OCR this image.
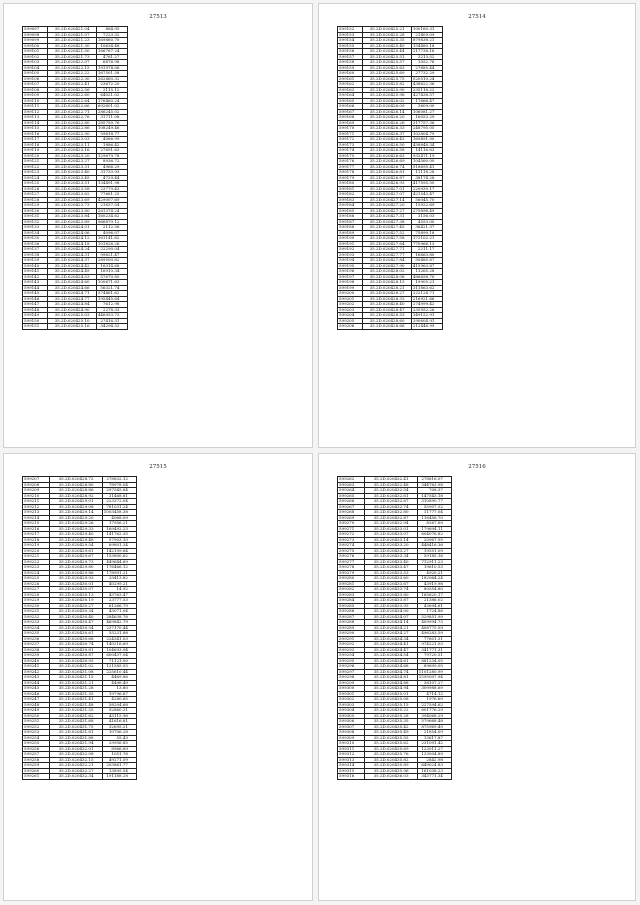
27513
599097	35.2D.020421.04	864.95
599098	35.2D.020421.07	7223.32
599099	35.2D.020421.23	169860.70
599100	35.2D.020421.30	10634.48
599101	35.2D.020421.50	166767.24
599102	35.2D.020421.73	4761.27
599103	35.2D.020422.07	6876.98
599104	35.2D.020422.15	191974.06
599105	35.2D.020422.22	167501.58
599106	35.2D.020422.30	262860.32
599107	35.2D.020422.41	23672.20
599108	35.2D.020422.56	2115.12
599109	35.2D.020422.60	64021.02
599110	35.2D.020422.64	176460.24
599111	35.2D.020422.66	692601.02
599112	35.2D.020422.71	286245.02
599113	35.2D.020422.76	31711.08
599114	35.2D.020422.80	285750.76
599115	35.2D.020422.86	108249.46
599116	35.2D.020422.90	59618.77
599117	35.2D.020423.03	4066.99
599118	35.2D.020423.11	1886.42
599119	35.2D.020423.16	27691.63
599120	35.2D.020423.20	129679.78
599121	35.2D.020423.27	8936.72
599122	35.2D.020423.31	4966.29
599123	35.2D.020423.40	31733.93
599124	35.2D.020423.45	4729.44
599125	35.2D.020423.51	134491.98
599126	35.2D.020423.58	23779.43
599127	35.2D.020423.62	77661.25
599128	35.2D.020423.69	429007.69
599129	35.2D.020423.73	21837.54
599130	35.2D.020423.80	261374.24
599131	35.2D.020423.84	160234.62
599132	35.2D.020423.89	966879.12
599133	35.2D.020424.01	2112.56
599134	35.2D.020424.06	4096.07
599135	35.2D.020424.12	161141.62
599136	35.2D.020424.18	101826.26
599137	35.2D.020424.24	22290.04
599138	35.2D.020424.31	99621.47
599139	35.2D.020424.37	289500.82
599140	35.2D.020424.42	16314.68
599141	35.2D.020424.49	16910.34
599142	35.2D.020424.53	57670.85
599143	35.2D.020424.60	100671.63
599144	35.2D.020424.66	56321.74
599145	35.2D.020424.71	574461.62
599146	35.2D.020424.77	195445.64
599147	35.2D.020424.84	7612.98
599148	35.2D.020424.90	2278.33
599149	35.2D.020425.03	446953.73
599150	35.2D.020425.10	27416.31
599151	35.2D.020425.16	34294.53
27514
599152	35.2D.020425.21	100160.31
599153	35.2D.020425.28	21409.09
599154	35.2D.020425.35	879838.21
599155	35.2D.020425.40	154480.18
599156	35.2D.020425.44	217738.16
599157	35.2D.020425.51	3213.52
599158	35.2D.020425.57	1052.76
599159	35.2D.020425.63	27685.44
599160	35.2D.020425.69	27732.29
599161	35.2D.020425.75	520510.24
599162	35.2D.020425.82	438822.36
599163	35.2D.020425.90	235116.22
599164	35.2D.020425.96	427438.57
599165	35.2D.020426.02	17666.47
599166	35.2D.020426.09	3609.00
599167	35.2D.020426.14	106081.27
599168	35.2D.020426.20	16053.29
599169	35.2D.020426.26	317757.36
599170	35.2D.020426.33	248795.05
599171	35.2D.020426.37	102804.79
599172	35.2D.020426.43	169491.90
599173	35.2D.020426.50	458848.34
599174	35.2D.020426.58	14116.63
599175	35.2D.020426.63	932471.19
599176	35.2D.020426.69	104560.00
599177	35.2D.020426.74	518695.41
599178	35.2D.020426.81	11118.28
599179	35.2D.020426.87	38174.28
599180	35.2D.020426.93	417595.50
599181	35.2D.020427.01	220939.17
599182	35.2D.020427.07	421543.47
599183	35.2D.020427.14	56045.70
599184	35.2D.020427.20	15922.69
599185	35.2D.020427.27	275896.49
599186	35.2D.020427.31	3156.03
599187	35.2D.020427.38	4553.00
599188	35.2D.020427.45	36421.37
599189	35.2D.020427.52	75899.18
599190	35.2D.020427.58	172102.21
599191	35.2D.020427.64	770966.13
599192	35.2D.020427.71	2211.17
599193	35.2D.020427.77	16663.80
599194	35.2D.020427.84	50485.87
599195	35.2D.020427.90	415963.87
599196	35.2D.020428.02	11265.28
599197	35.2D.020428.08	486658.70
599198	35.2D.020428.15	19905.21
599199	35.2D.020428.21	311863.62
599200	35.2D.020428.27	222124.71
599201	35.2D.020428.33	216921.66
599202	35.2D.020428.40	274999.42
599203	35.2D.020428.47	235952.26
599204	35.2D.020428.53	349152.91
599205	35.2D.020428.60	290604.91
599206	35.2D.020428.66	212446.99
27515
599207	35.2D.020428.72	278832.12
599208	35.2D.020428.80	78978.04
599209	35.2D.020428.86	297545.64
599210	35.2D.020428.92	31468.81
599211	35.2D.020429.01	223372.04
599212	35.2D.020429.08	781031.24
599213	35.2D.020429.14	1003458.38
599214	35.2D.020429.20	4068.09
599215	35.2D.020429.26	17956.21
599216	35.2D.020429.33	169492.23
599217	35.2D.020429.40	141762.35
599218	35.2D.020429.48	57903.10
599219	35.2D.020429.54	69801.34
599220	35.2D.020429.61	142199.64
599221	35.2D.020429.67	153800.62
599222	35.2D.020429.73	449644.69
599223	35.2D.020429.80	176466.12
599224	35.2D.020429.86	178991.21
599225	35.2D.020429.93	29413.82
599226	35.2D.020430.01	40299.21
599227	35.2D.020430.07	14.92
599228	35.2D.020430.13	43763.47
599229	35.2D.020430.19	23777.53
599230	35.2D.020430.27	61266.79
599231	35.2D.020430.34	43071.04
599232	35.2D.020430.40	284638.76
599233	35.2D.020430.47	469842.79
599234	35.2D.020430.54	237170.44
599235	35.2D.020430.61	55231.88
599236	35.2D.020430.68	224341.03
599237	35.2D.020430.74	140216.69
599238	35.2D.020430.81	104693.94
599239	35.2D.020430.87	600437.04
599240	35.2D.020430.95	71121.00
599241	35.2D.020431.02	121585.55
599242	35.2D.020431.08	225610.44
599243	35.2D.020431.15	4469.86
599244	35.2D.020431.21	4496.49
599245	35.2D.020431.28	13.80
599246	35.2D.020431.35	19796.67
599247	35.2D.020431.41	4280.65
599248	35.2D.020431.48	58204.68
599249	35.2D.020431.55	92860.31
599250	35.2D.020431.62	43115.96
599251	35.2D.020431.68	41616.81
599252	35.2D.020431.75	32695.21
599253	35.2D.020431.81	10706.28
599254	35.2D.020431.88	55.43
599255	35.2D.020431.94	29956.85
599256	35.2D.020432.01	8966.69
599257	35.2D.020432.08	1051.76
599258	35.2D.020432.15	49271.59
599259	35.2D.020432.21	203861.77
599260	35.2D.020432.27	13895.54
599261	35.2D.020432.34	191188.28
27516
599262	35.2D.020432.41	278816.07
599263	35.2D.020432.48	344763.98
599264	35.2D.020432.54	708.37
599265	35.2D.020432.61	147543.18
599266	35.2D.020432.67	310890.77
599267	35.2D.020432.74	55907.52
599268	35.2D.020432.80	11777.04
599269	35.2D.020432.87	116456.70
599270	35.2D.020432.94	8267.69
599271	35.2D.020433.01	179694.11
599272	35.2D.020433.07	604076.82
599273	35.2D.020433.14	20967.95
599274	35.2D.020433.20	448416.36
599275	35.2D.020433.27	19551.09
599276	35.2D.020433.34	59185.16
599277	35.2D.020433.40	712911.23
599278	35.2D.020433.47	19610.53
599279	35.2D.020433.53	4920.21
599280	35.2D.020433.60	182064.24
599281	35.2D.020433.67	43919.98
599282	35.2D.020433.74	80554.80
599283	35.2D.020433.80	165620.17
599284	35.2D.020433.87	21386.02
599285	35.2D.020433.93	43694.61
599286	35.2D.020434.00	1724.86
599287	35.2D.020434.07	529851.99
599288	35.2D.020434.14	409994.73
599289	35.2D.020434.21	408775.59
599290	35.2D.020434.27	496283.59
599291	35.2D.020434.34	77601.31
599292	35.2D.020434.41	974221.03
599293	35.2D.020434.47	341771.31
599294	35.2D.020434.54	79720.51
599295	35.2D.020434.61	881234.05
599296	35.2D.020434.68	89699.05
599297	35.2D.020434.74	1101280.99
599298	35.2D.020434.81	1595007.94
599299	35.2D.020434.88	38107.27
599300	35.2D.020434.94	309988.69
599301	35.2D.020435.01	4714.12
599302	35.2D.020435.08	1976.69
599303	35.2D.020435.15	227594.62
599304	35.2D.020435.22	601776.29
599305	35.2D.020435.28	394068.29
599306	35.2D.020435.35	579668.48
599307	35.2D.020435.42	875969.49
599308	35.2D.020435.49	21854.09
599309	35.2D.020435.55	13617.87
599310	35.2D.020435.62	231091.42
599311	35.2D.020435.69	123011.27
599312	35.2D.020435.76	133004.89
599313	35.2D.020435.82	2842.98
599314	35.2D.020435.89	649024.83
599315	35.2D.020435.96	161038.23
599316	35.2D.020436.03	343771.34
